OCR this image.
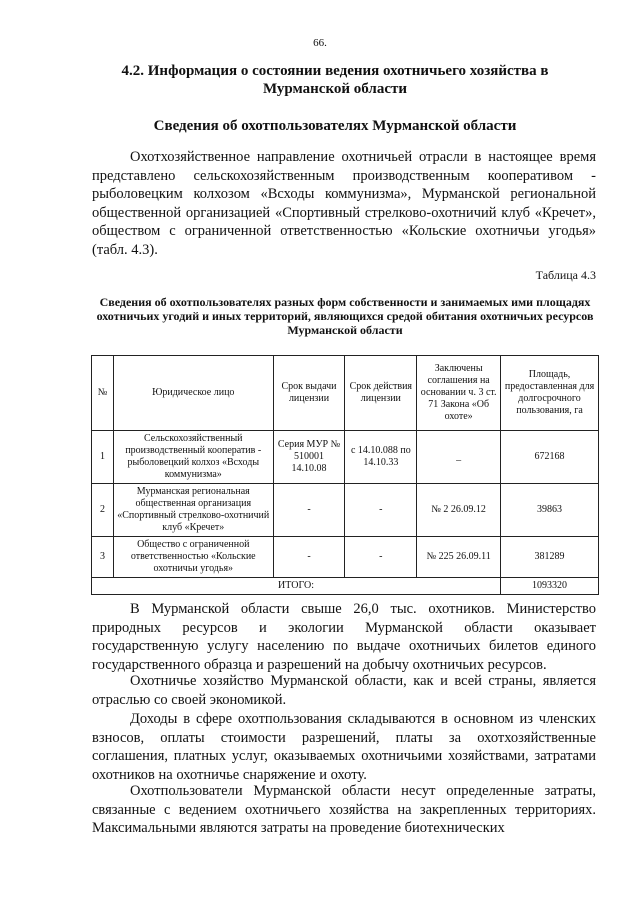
66.
4.2. Информация о состоянии ведения охотничьего хозяйства в Мурманской области
Сведения об охотпользователях Мурманской области

Охотхозяйственное направление охотничьей отрасли в настоящее время представлено сельскохозяйственным производственным кооперативом - рыболовецким колхозом «Всходы коммунизма», Мурманской региональной общественной организацией «Спортивный стрелково-охотничий клуб «Кречет», обществом с ограниченной ответственностью «Кольские охотничьи угодья» (табл. 4.3).

Таблица 4.3
Сведения об охотпользователях разных форм собственности и занимаемых ими площадях охотничьих угодий и иных территорий, являющихся средой обитания охотничьих ресурсов Мурманской области
№	Юридическое лицо	Срок выдачи лицензии	Срок действия лицензии	Заключены соглашения на основании ч. 3 ст. 71 Закона «Об охоте»	Площадь, предоставленная для долгосрочного пользования, га
1	Сельскохозяйственный производственный кооператив - рыболовецкий колхоз «Всходы коммунизма»	Серия МУР № 510001 14.10.08	с 14.10.088 по 14.10.33	_	672168
2	Мурманская региональная общественная организация «Спортивный стрелково-охотничий клуб «Кречет»	-	-	№ 2 26.09.12	39863
3	Общество с ограниченной ответственностью «Кольские охотничьи угодья»	-	-	№ 225 26.09.11	381289
ИТОГО:					1093320

В Мурманской области свыше 26,0 тыс. охотников. Министерство природных ресурсов и экологии Мурманской области оказывает государственную услугу населению по выдаче охотничьих билетов единого государственного образца и разрешений на добычу охотничьих ресурсов.

Охотничье хозяйство Мурманской области, как и всей страны, является отраслью со своей экономикой.

Доходы в сфере охотпользования складываются в основном из членских взносов, оплаты стоимости разрешений, платы за охотхозяйственные соглашения, платных услуг, оказываемых охотничьими хозяйствами, затратами охотников на охотничье снаряжение и охоту.

Охотпользователи Мурманской области несут определенные затраты, связанные с ведением охотничьего хозяйства на закрепленных территориях. Максимальными являются затраты на проведение биотехнических
